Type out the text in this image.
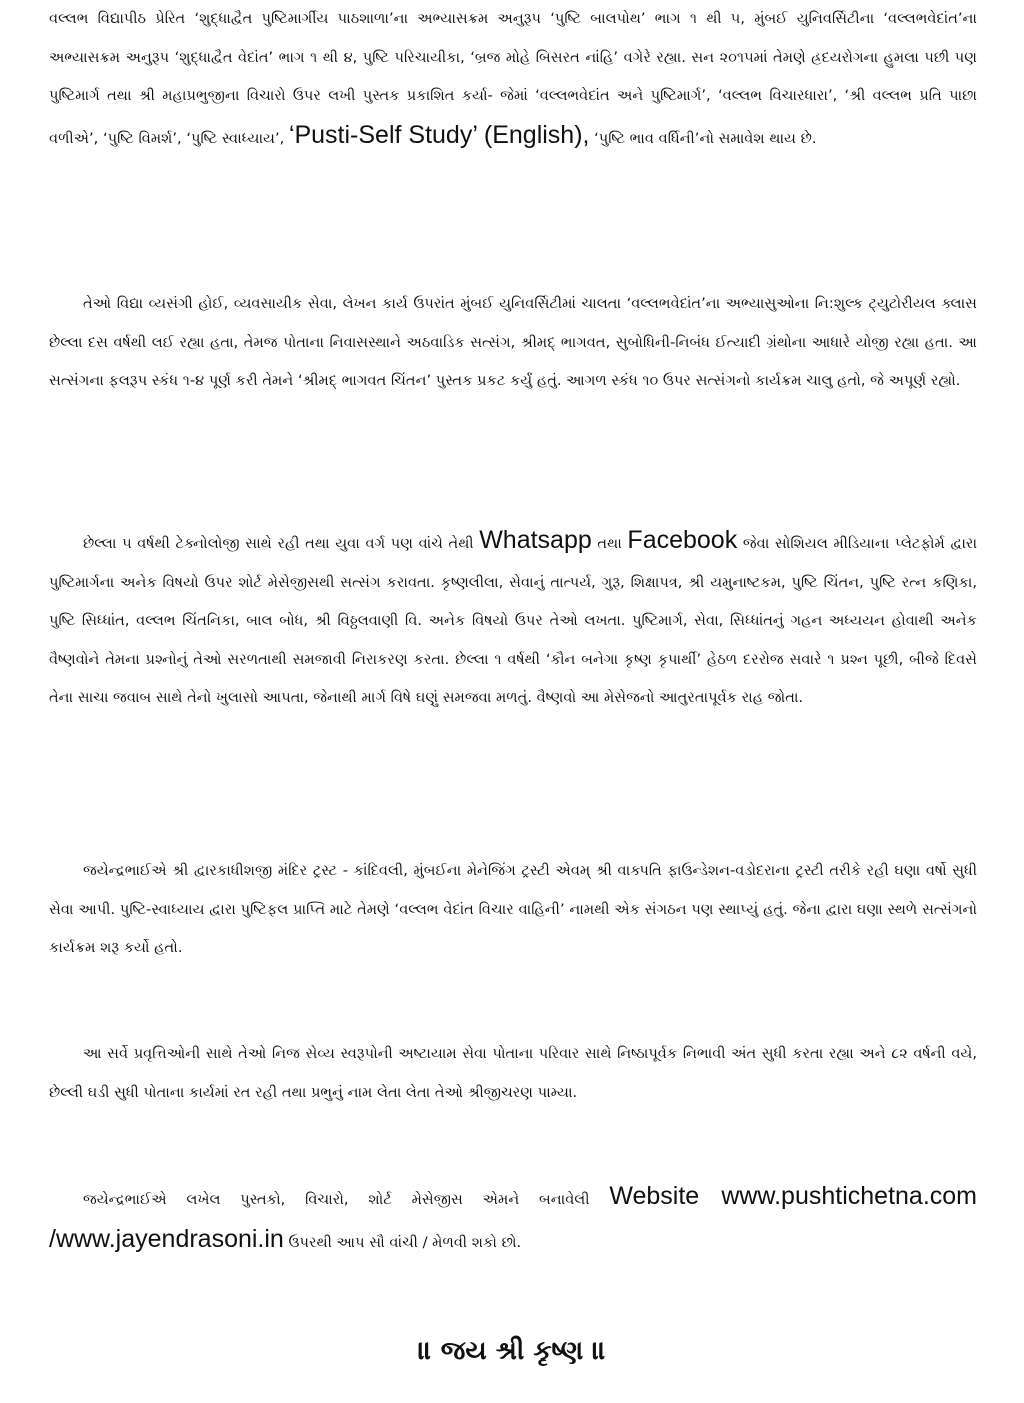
વલ્લભ વિદ્યાપીઠ પ્રેરિત ‘શુદ્ધાદ્વૈત પુષ્ટિમાર્ગીય પાઠશાળા’ના અભ્યાસક્રમ અનુરૂપ ‘પુષ્ટિ બાલપોથ’ ભાગ ૧ થી ૫, મુંબઈ યુનિવર્સિટીના ‘વલ્લભવેદાંત’ના અભ્યાસક્રમ અનુરૂપ ‘શુદ્ધાદ્વૈત વેદાંત’ ભાગ ૧ થી ૪, પુષ્ટિ પરિચાયીકા, ‘બ્રજ મોહે બિસરત નાંહિ’ વગેરે રહ્યા. સન ૨૦૧૫માં તેમણે હ્રદયરોગના હુમલા પછી પણ પુષ્ટિમાર્ગ તથા શ્રી મહાપ્રભુજીના વિચારો ઉપર લખી પુસ્તક પ્રકાશિત કર્યા- જેમાં ‘વલ્લભવેદાંત અને પુષ્ટિમાર્ગ’, ‘વલ્લભ વિચારધારા’, ‘શ્રી વલ્લભ પ્રતિ પાછા વળીએ’, ‘પુષ્ટિ વિમર્શ’, ‘પુષ્ટિ સ્વાધ્યાય’, ‘Pusti-Self Study’ (English), ‘પુષ્ટિ ભાવ વર્ધિની’નો સમાવેશ થાય છે.

તેઓ વિદ્યા વ્યસંગી હોઈ, વ્યવસાયીક સેવા, લેખન કાર્ય ઉપરાંત મુંબઈ યુનિવર્સિટીમાં ચાલતા ‘વલ્લભવેદાંત’ના અભ્યાસુઓના નિ:શુલ્ક ટ્યુટોરીયલ ક્લાસ છેલ્લા દસ વર્ષથી લઈ રહ્યા હતા, તેમજ પોતાના નિવાસસ્થાને અઠવાડિક સત્સંગ, શ્રીમદ્ ભાગવત, સુબોધિની-નિબંધ ઈત્યાદી ગ્રંથોના આધારે યોજી રહ્યા હતા. આ સત્સંગના ફલરૂપ સ્કંધ ૧-૪ પૂર્ણ કરી તેમને ‘શ્રીમદ્ ભાગવત ચિંતન’ પુસ્તક પ્રકટ કર્યું હતું. આગળ સ્કંધ ૧૦ ઉપર સત્સંગનો કાર્યક્રમ ચાલુ હતો, જે અપૂર્ણ રહ્યો.

છેલ્લા ૫ વર્ષથી ટેક્નોલોજી સાથે રહી તથા યુવા વર્ગ પણ વાંચે તેથી Whatsapp તથા Facebook જેવા સોશિયલ મીડિયાના પ્લેટફોર્મ દ્વારા પુષ્ટિમાર્ગના અનેક વિષયો ઉપર શોર્ટ મેસેજીસથી સત્સંગ કરાવતા. કૃષ્ણલીલા, સેવાનું તાત્પર્ય, ગુરૂ, શિક્ષાપત્ર, શ્રી યમુનાષ્ટકમ, પુષ્ટિ ચિંતન, પુષ્ટિ રત્ન કણિકા, પુષ્ટિ સિધ્ધાંત, વલ્લભ ચિંતનિકા, બાલ બોધ, શ્રી વિઠ્ઠલવાણી વિ. અનેક વિષયો ઉપર તેઓ લખતા. પુષ્ટિમાર્ગ, સેવા, સિધ્ધાંતનું ગહન અધ્યયન હોવાથી અનેક વૈષ્ણવોને તેમના પ્રશ્નોનું તેઓ સરળતાથી સમજાવી નિરાકરણ કરતા. છેલ્લા ૧ વર્ષથી ‘કૌન બનેગા કૃષ્ણ કૃપાર્થી’ હેઠળ દરરોજ સવારે ૧ પ્રશ્ન પૂછી, બીજે દિવસે તેના સાચા જવાબ સાથે તેનો ખુલાસો આપતા, જેનાથી માર્ગ વિષે ઘણું સમજવા મળતું. વૈષ્ણવો આ મેસેજનો આતુરતાપૂર્વક રાહ જોતા.

જયેન્દ્રભાઈએ શ્રી દ્વારકાધીશજી મંદિર ટ્રસ્ટ - કાંદિવલી, મુંબઈના મેનેજિંગ ટ્રસ્ટી એવમ્ શ્રી વાક્પતિ ફાઉન્ડેશન-વડોદરાના ટ્રસ્ટી તરીકે રહી ઘણા વર્ષો સુધી સેવા આપી. પુષ્ટિ-સ્વાધ્યાય દ્વારા પુષ્ટિફલ પ્રાપ્તિ માટે તેમણે ‘વલ્લભ વેદાંત વિચાર વાહિની’ નામથી એક સંગઠન પણ સ્થાપ્યું હતું. જેના દ્વારા ઘણા સ્થળે સત્સંગનો કાર્યક્રમ શરૂ કર્યો હતો.

આ સર્વે પ્રવૃત્તિઓની સાથે તેઓ નિજ સેવ્ય સ્વરૂપોની અષ્ટાયામ સેવા પોતાના પરિવાર સાથે નિષ્ઠાપૂર્વક નિભાવી અંત સુધી કરતા રહ્યા અને ૮૨ વર્ષની વયે, છેલ્લી ઘડી સુધી પોતાના કાર્યમાં રત રહી તથા પ્રભુનું નામ લેતા લેતા તેઓ શ્રીજીચરણ પામ્યા.

જયેન્દ્રભાઈએ લખેલ પુસ્તકો, વિચારો, શોર્ટ મેસેજીસ એમને બનાવેલી Website www.pushtichetna.com /www.jayendrasoni.in ઉપરથી આપ સૌ વાંચી / મેળવી શકો છો.

॥ જય શ્રી કૃષ્ણ ॥
